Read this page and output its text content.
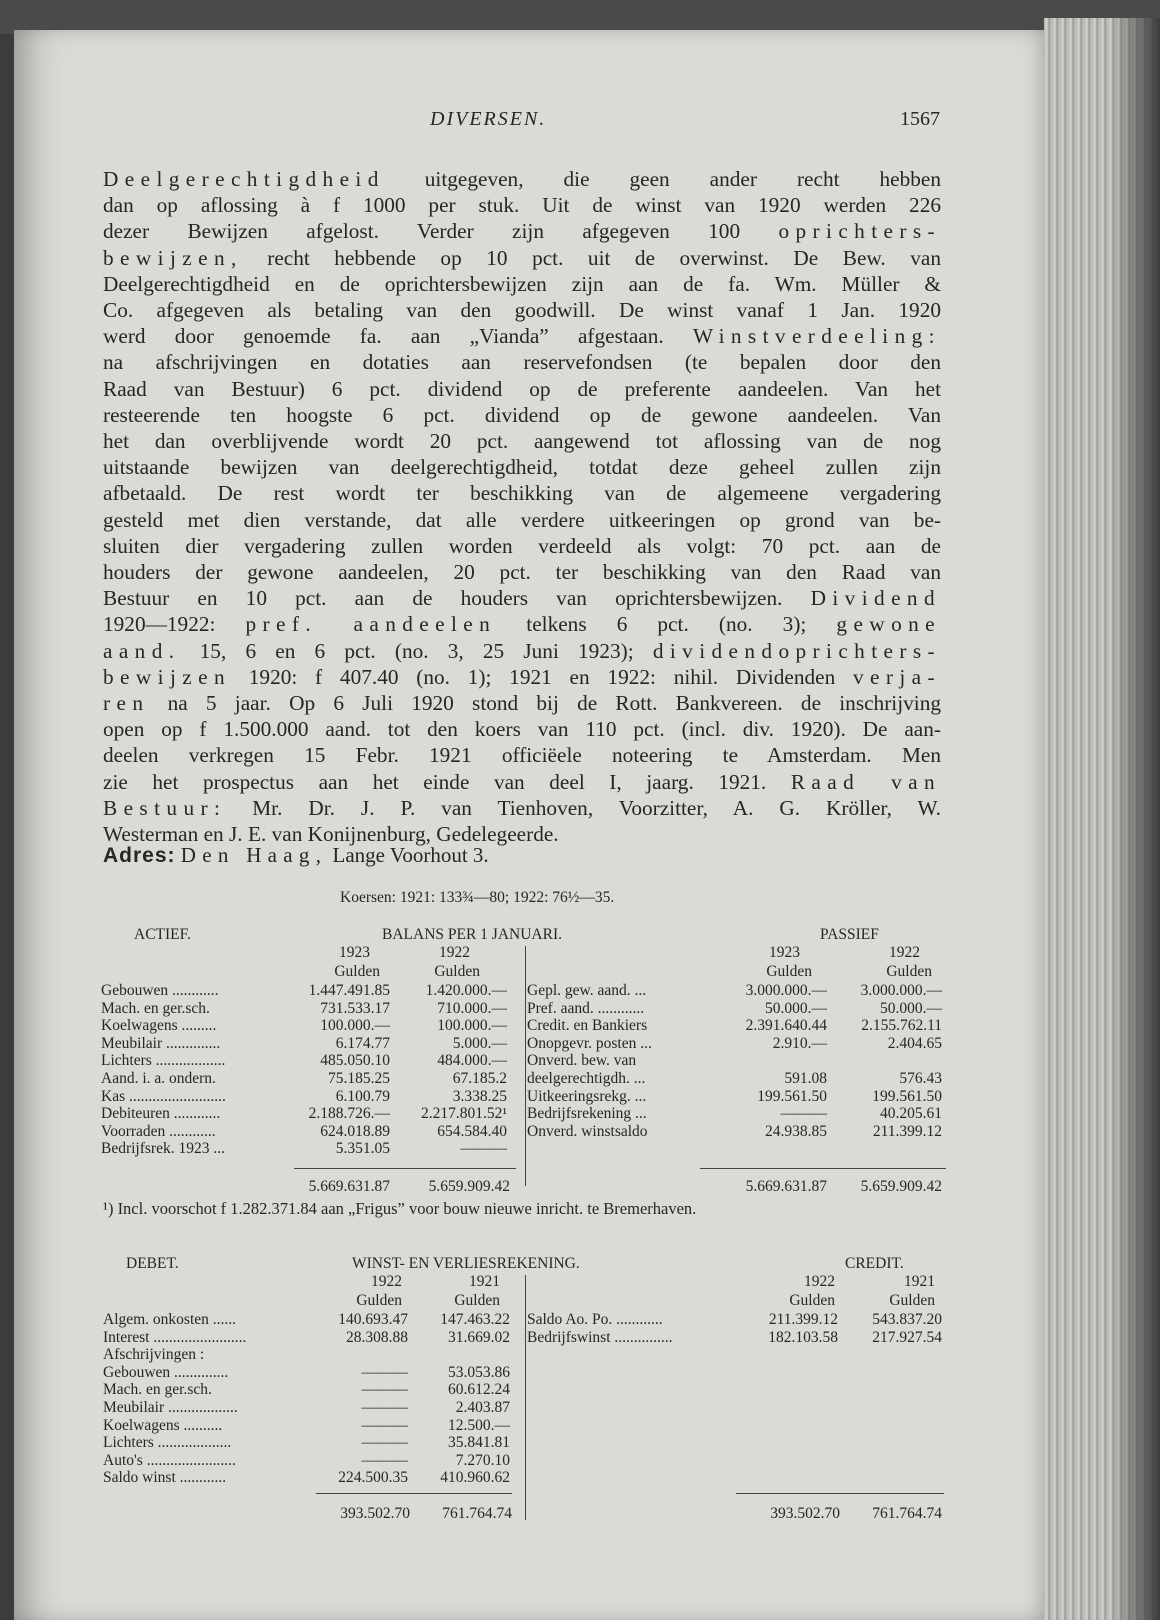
DIVERSEN.	1567
Deelgerechtigdheid uitgegeven, die geen ander recht hebben
dan op aflossing à f 1000 per stuk. Uit de winst van 1920 werden 226
dezer Bewijzen afgelost. Verder zijn afgegeven 100 oprichters-
bewijzen, recht hebbende op 10 pct. uit de overwinst. De Bew. van
Deelgerechtigdheid en de oprichtersbewijzen zijn aan de fa. Wm. Müller &
Co. afgegeven als betaling van den goodwill. De winst vanaf 1 Jan. 1920
werd door genoemde fa. aan „Vianda” afgestaan. Winstverdeeling:
na afschrijvingen en dotaties aan reservefondsen (te bepalen door den
Raad van Bestuur) 6 pct. dividend op de preferente aandeelen. Van het
resteerende ten hoogste 6 pct. dividend op de gewone aandeelen. Van
het dan overblijvende wordt 20 pct. aangewend tot aflossing van de nog
uitstaande bewijzen van deelgerechtigdheid, totdat deze geheel zullen zijn
afbetaald. De rest wordt ter beschikking van de algemeene vergadering
gesteld met dien verstande, dat alle verdere uitkeeringen op grond van be-
sluiten dier vergadering zullen worden verdeeld als volgt: 70 pct. aan de
houders der gewone aandeelen, 20 pct. ter beschikking van den Raad van
Bestuur en 10 pct. aan de houders van oprichtersbewijzen. Dividend
1920—1922: pref. aandeelen telkens 6 pct. (no. 3); gewone
aand. 15, 6 en 6 pct. (no. 3, 25 Juni 1923); dividendoprichters-
bewijzen 1920: f 407.40 (no. 1); 1921 en 1922: nihil. Dividenden verja-
ren na 5 jaar. Op 6 Juli 1920 stond bij de Rott. Bankvereen. de inschrijving
open op f 1.500.000 aand. tot den koers van 110 pct. (incl. div. 1920). De aan-
deelen verkregen 15 Febr. 1921 officiëele noteering te Amsterdam. Men
zie het prospectus aan het einde van deel I, jaarg. 1921. Raad van
Bestuur: Mr. Dr. J. P. van Tienhoven, Voorzitter, A. G. Kröller, W.
Westerman en J. E. van Konijnenburg, Gedelegeerde.
Adres: Den Haag, Lange Voorhout 3.
Koersen: 1921: 133¾—80; 1922: 76½—35.
ACTIEF.	BALANS PER 1 JANUARI.	PASSIEF
1923	1922	1923	1922
Gulden	Gulden	Gulden	Gulden
Gebouwen ............	1.447.491.85	1.420.000.—
Mach. en ger.sch.	731.533.17	710.000.—
Koelwagens .........	100.000.—	100.000.—
Meubilair ..............	6.174.77	5.000.—
Lichters ..................	485.050.10	484.000.—
Aand. i. a. ondern.	75.185.25	67.185.2
Kas .........................	6.100.79	3.338.25
Debiteuren ............	2.188.726.—	2.217.801.52¹
Voorraden ............	624.018.89	654.584.40
Bedrijfsrek. 1923 ...	5.351.05	———
Gepl. gew. aand. ...	3.000.000.—	3.000.000.—
Pref. aand. ............	50.000.—	50.000.—
Credit. en Bankiers	2.391.640.44	2.155.762.11
Onopgevr. posten ...	2.910.—	2.404.65
Onverd. bew. van
deelgerechtigdh. ...	591.08	576.43
Uitkeeringsrekg. ...	199.561.50	199.561.50
Bedrijfsrekening ...	———	40.205.61
Onverd. winstsaldo	24.938.85	211.399.12
5.669.631.87	5.659.909.42	5.669.631.87	5.659.909.42
¹) Incl. voorschot f 1.282.371.84 aan „Frigus” voor bouw nieuwe inricht. te Bremerhaven.
DEBET.	WINST- EN VERLIESREKENING.	CREDIT.
1922	1921	1922	1921
Gulden	Gulden	Gulden	Gulden
Algem. onkosten ......	140.693.47	147.463.22
Interest ........................	28.308.88	31.669.02
Afschrijvingen :
Gebouwen ..............	———	53.053.86
Mach. en ger.sch.	———	60.612.24
Meubilair ..................	———	2.403.87
Koelwagens ..........	———	12.500.—
Lichters ...................	———	35.841.81
Auto's .......................	———	7.270.10
Saldo winst ............	224.500.35	410.960.62
Saldo Ao. Po. ............	211.399.12	543.837.20
Bedrijfswinst ...............	182.103.58	217.927.54
393.502.70	761.764.74	393.502.70	761.764.74
